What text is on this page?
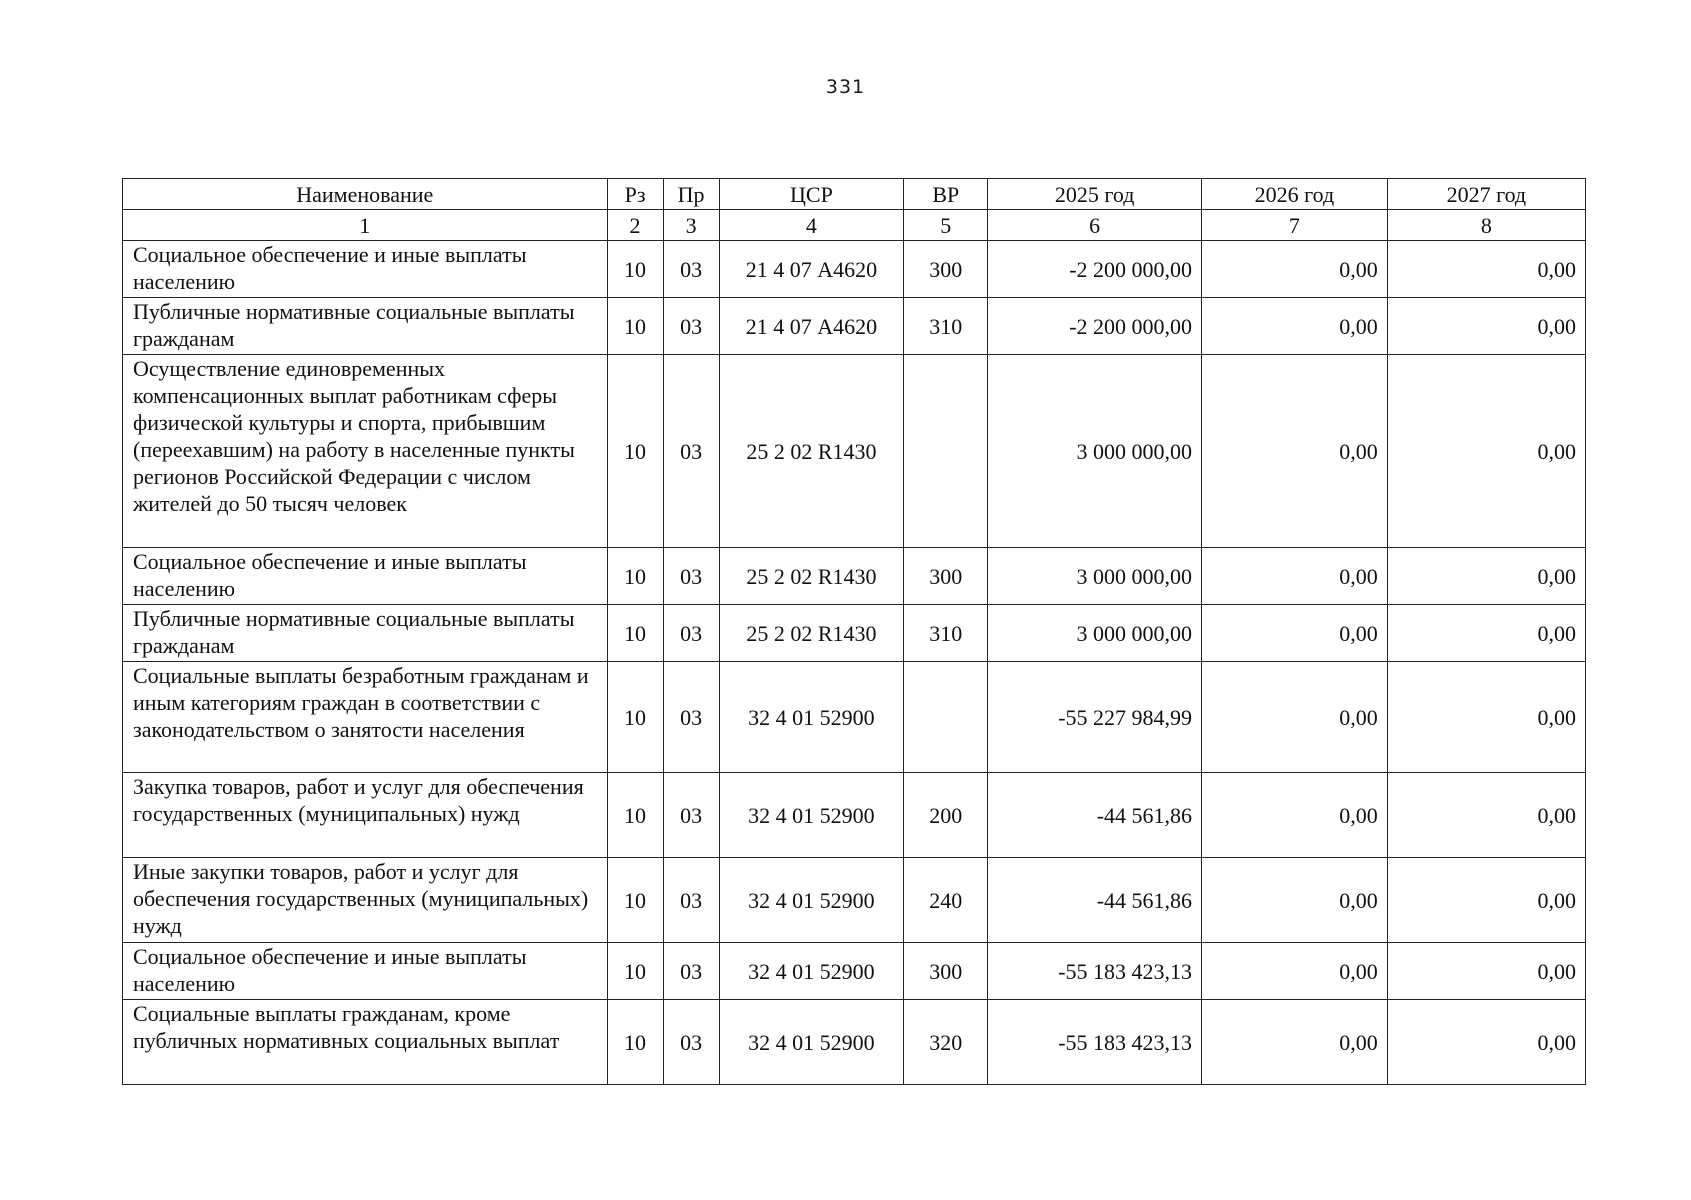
331
Наименование	Рз	Пр	ЦСР	ВР	2025 год	2026 год	2027 год
1	2	3	4	5	6	7	8
Социальное обеспечение и иные выплаты населению	10	03	21 4 07 А4620	300	-2 200 000,00	0,00	0,00
Публичные нормативные социальные выплаты гражданам	10	03	21 4 07 А4620	310	-2 200 000,00	0,00	0,00
Осуществление единовременных компенсационных выплат работникам сферы физической культуры и спорта, прибывшим (переехавшим) на работу в населенные пункты регионов Российской Федерации с числом жителей до 50 тысяч человек	10	03	25 2 02 R1430		3 000 000,00	0,00	0,00
Социальное обеспечение и иные выплаты населению	10	03	25 2 02 R1430	300	3 000 000,00	0,00	0,00
Публичные нормативные социальные выплаты гражданам	10	03	25 2 02 R1430	310	3 000 000,00	0,00	0,00
Социальные выплаты безработным гражданам и иным категориям граждан в соответствии с законодательством о занятости населения	10	03	32 4 01 52900		-55 227 984,99	0,00	0,00
Закупка товаров, работ и услуг для обеспечения государственных (муниципальных) нужд	10	03	32 4 01 52900	200	-44 561,86	0,00	0,00
Иные закупки товаров, работ и услуг для обеспечения государственных (муниципальных) нужд	10	03	32 4 01 52900	240	-44 561,86	0,00	0,00
Социальное обеспечение и иные выплаты населению	10	03	32 4 01 52900	300	-55 183 423,13	0,00	0,00
Социальные выплаты гражданам, кроме публичных нормативных социальных выплат	10	03	32 4 01 52900	320	-55 183 423,13	0,00	0,00
